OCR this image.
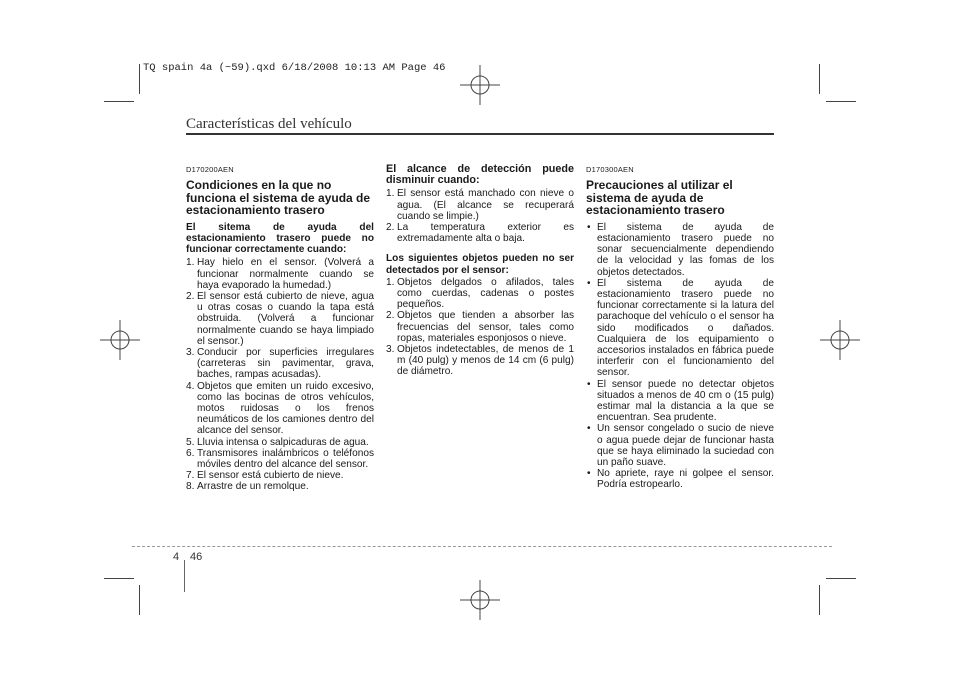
TQ spain 4a (~59).qxd 6/18/2008 10:13 AM Page 46
Características del vehículo
D170200AEN
Condiciones en la que no funciona el sistema de ayuda de estacionamiento trasero
El sitema de ayuda del estacionamiento trasero puede no funcionar correctamente cuando:
1. Hay hielo en el sensor. (Volverá a funcionar normalmente cuando se haya evaporado la humedad.)
2. El sensor está cubierto de nieve, agua u otras cosas o cuando la tapa está obstruida. (Volverá a funcionar normalmente cuando se haya limpiado el sensor.)
3. Conducir por superficies irregulares (carreteras sin pavimentar, grava, baches, rampas acusadas).
4. Objetos que emiten un ruido excesivo, como las bocinas de otros vehículos, motos ruidosas o los frenos neumáticos de los camiones dentro del alcance del sensor.
5. Lluvia intensa o salpicaduras de agua.
6. Transmisores inalámbricos o teléfonos móviles dentro del alcance del sensor.
7. El sensor está cubierto de nieve.
8. Arrastre de un remolque.
El alcance de detección puede disminuir cuando:
1. El sensor está manchado con nieve o agua. (El alcance se recuperará cuando se limpie.)
2. La temperatura exterior es extremadamente alta o baja.
Los siguientes objetos pueden no ser detectados por el sensor:
1. Objetos delgados o afilados, tales como cuerdas, cadenas o postes pequeños.
2. Objetos que tienden a absorber las frecuencias del sensor, tales como ropas, materiales esponjosos o nieve.
3. Objetos indetectables, de menos de 1 m (40 pulg) y menos de 14 cm (6 pulg) de diámetro.
D170300AEN
Precauciones al utilizar el sistema de ayuda de estacionamiento trasero
• El sistema de ayuda de estacionamiento trasero puede no sonar secuencialmente dependiendo de la velocidad y las fomas de los objetos detectados.
• El sistema de ayuda de estacionamiento trasero puede no funcionar correctamente si la latura del parachoque del vehículo o el sensor ha sido modificados o dañados. Cualquiera de los equipamiento o accesorios instalados en fábrica puede interferir con el funcionamiento del sensor.
• El sensor puede no detectar objetos situados a menos de 40 cm o (15 pulg) estimar mal la distancia a la que se encuentran. Sea prudente.
• Un sensor congelado o sucio de nieve o agua puede dejar de funcionar hasta que se haya eliminado la suciedad con un paño suave.
• No apriete, raye ni golpee el sensor. Podría estropearlo.
4 46
